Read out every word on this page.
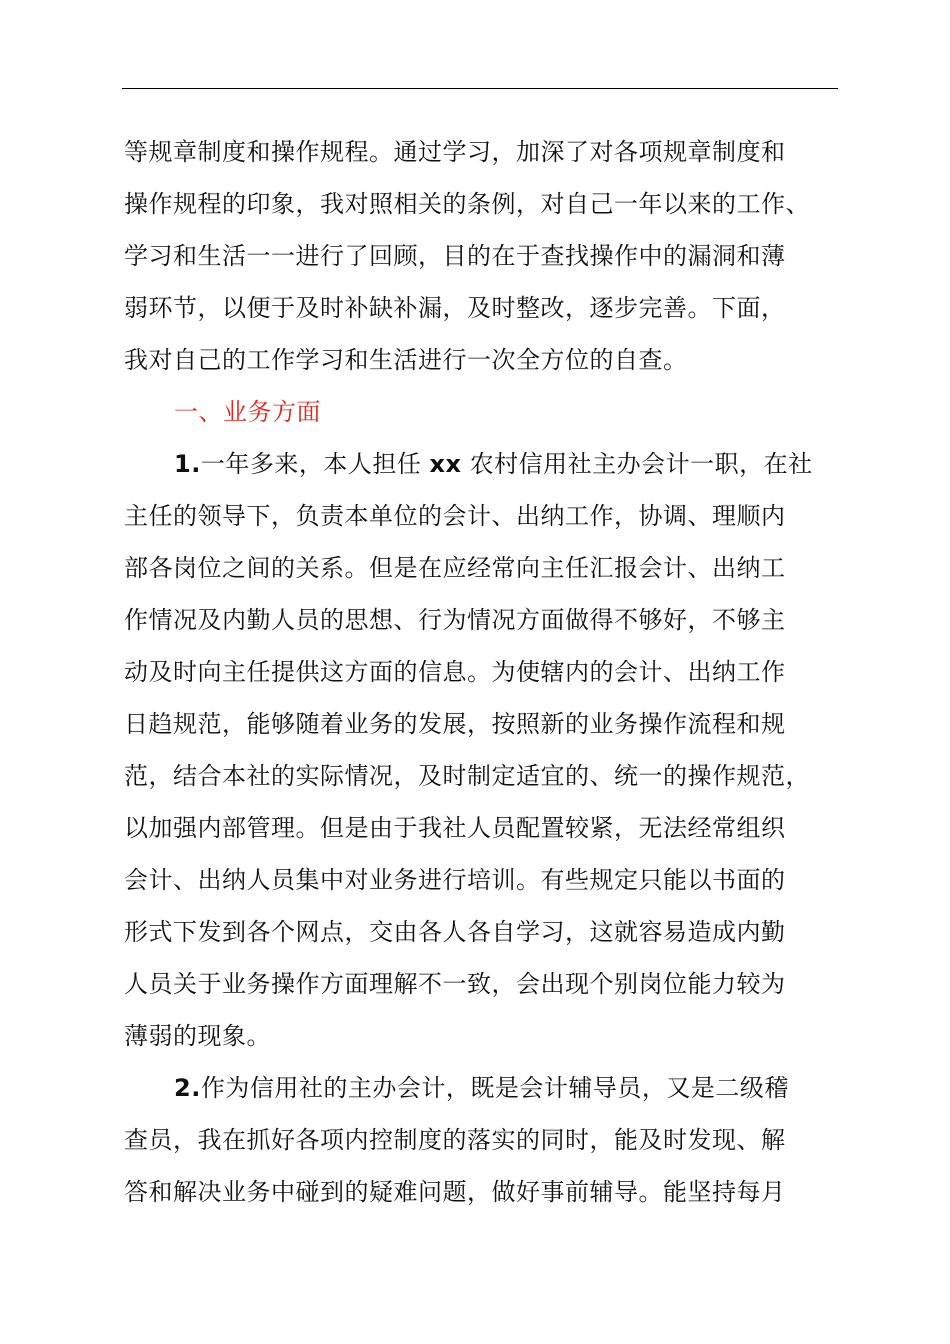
等规章制度和操作规程。通过学习，加深了对各项规章制度和
操作规程的印象，我对照相关的条例，对自己一年以来的工作、
学习和生活一一进行了回顾，目的在于查找操作中的漏洞和薄
弱环节，以便于及时补缺补漏，及时整改，逐步完善。下面，
我对自己的工作学习和生活进行一次全方位的自查。
一、业务方面
1.一年多来，本人担任 xx 农村信用社主办会计一职，在社
主任的领导下，负责本单位的会计、出纳工作，协调、理顺内
部各岗位之间的关系。但是在应经常向主任汇报会计、出纳工
作情况及内勤人员的思想、行为情况方面做得不够好，不够主
动及时向主任提供这方面的信息。为使辖内的会计、出纳工作
日趋规范，能够随着业务的发展，按照新的业务操作流程和规
范，结合本社的实际情况，及时制定适宜的、统一的操作规范，
以加强内部管理。但是由于我社人员配置较紧，无法经常组织
会计、出纳人员集中对业务进行培训。有些规定只能以书面的
形式下发到各个网点，交由各人各自学习，这就容易造成内勤
人员关于业务操作方面理解不一致，会出现个别岗位能力较为
薄弱的现象。
2.作为信用社的主办会计，既是会计辅导员，又是二级稽
查员，我在抓好各项内控制度的落实的同时，能及时发现、解
答和解决业务中碰到的疑难问题，做好事前辅导。能坚持每月
